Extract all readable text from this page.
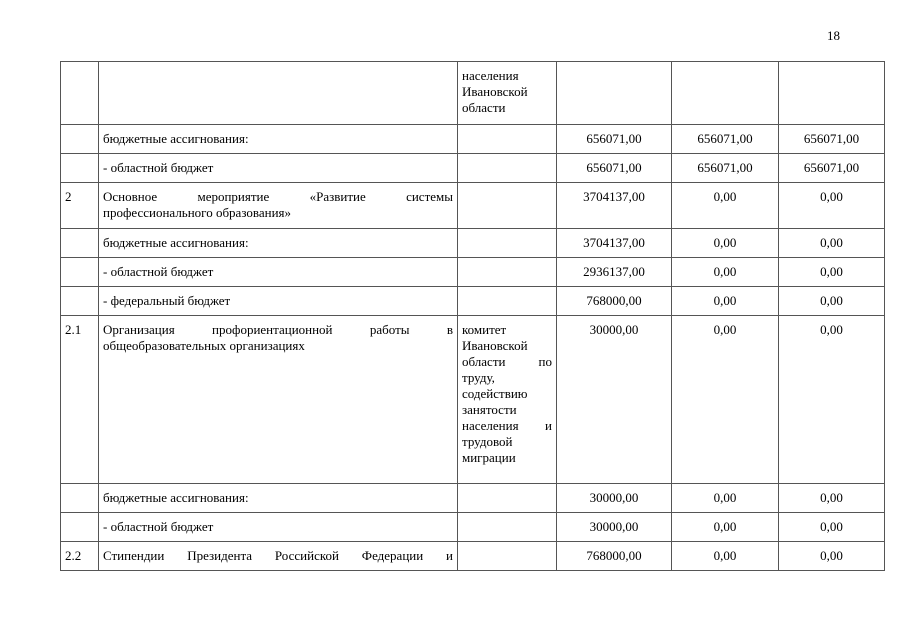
18
		населения Ивановской области			
	бюджетные ассигнования:		656071,00	656071,00	656071,00
	- областной бюджет		656071,00	656071,00	656071,00
2	Основное мероприятие «Развитие системы профессионального образования»		3704137,00	0,00	0,00
	бюджетные ассигнования:		3704137,00	0,00	0,00
	- областной бюджет		2936137,00	0,00	0,00
	- федеральный бюджет		768000,00	0,00	0,00
2.1	Организация профориентационной работы в общеобразовательных организациях	комитет Ивановской области по труду, содействию занятости населения и трудовой миграции	30000,00	0,00	0,00
	бюджетные ассигнования:		30000,00	0,00	0,00
	- областной бюджет		30000,00	0,00	0,00
2.2	Стипендии Президента Российской Федерации и		768000,00	0,00	0,00
